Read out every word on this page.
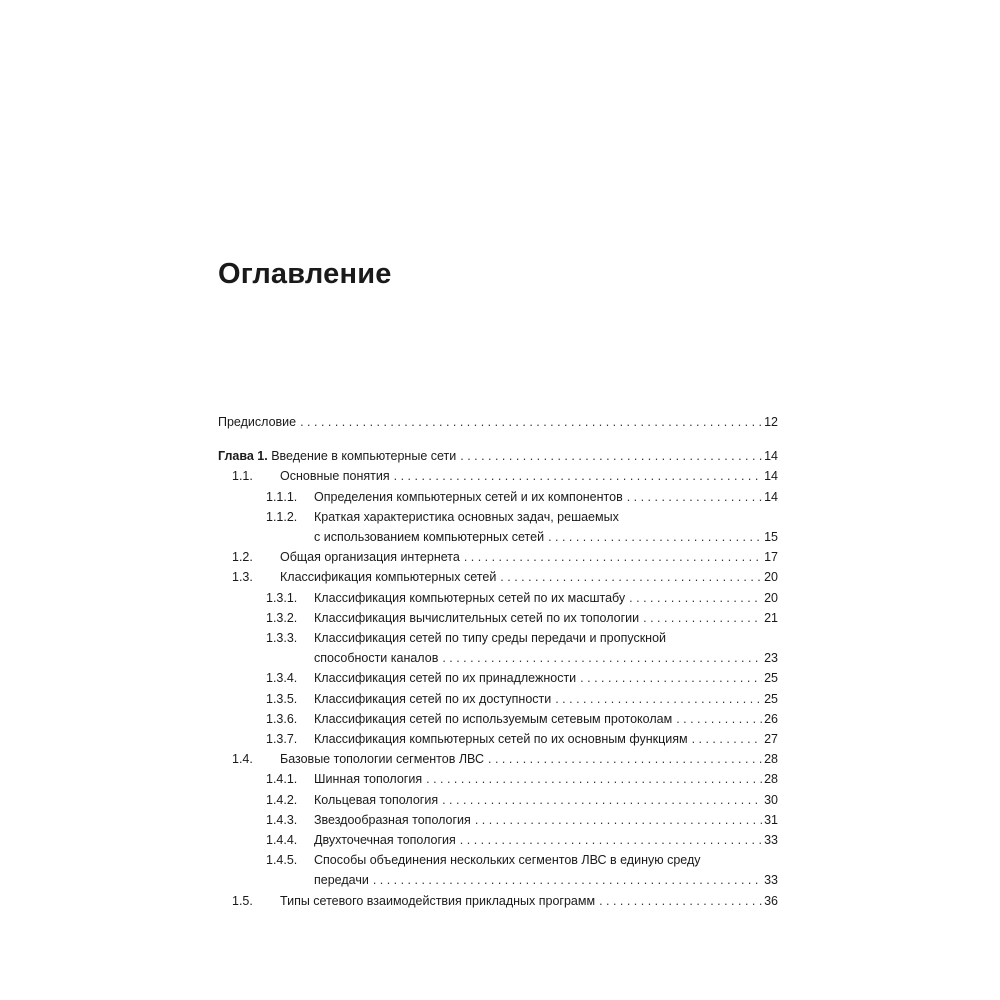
Оглавление
Предисловие . . .	12
Глава 1. Введение в компьютерные сети . . .	14
1.1.	Основные понятия . . .	14
1.1.1.	Определения компьютерных сетей и их компонентов . . .	14
1.1.2.	Краткая характеристика основных задач, решаемых
с использованием компьютерных сетей . . .	15
1.2.	Общая организация интернета . . .	17
1.3.	Классификация компьютерных сетей . . .	20
1.3.1.	Классификация компьютерных сетей по их масштабу . . .	20
1.3.2.	Классификация вычислительных сетей по их топологии . . .	21
1.3.3.	Классификация сетей по типу среды передачи и пропускной
способности каналов . . .	23
1.3.4.	Классификация сетей по их принадлежности . . .	25
1.3.5.	Классификация сетей по их доступности . . .	25
1.3.6.	Классификация сетей по используемым сетевым протоколам . . .	26
1.3.7.	Классификация компьютерных сетей по их основным функциям . . .	27
1.4.	Базовые топологии сегментов ЛВС . . .	28
1.4.1.	Шинная топология . . .	28
1.4.2.	Кольцевая топология . . .	30
1.4.3.	Звездообразная топология . . .	31
1.4.4.	Двухточечная топология . . .	33
1.4.5.	Способы объединения нескольких сегментов ЛВС в единую среду
передачи . . .	33
1.5.	Типы сетевого взаимодействия прикладных программ . . .	36
